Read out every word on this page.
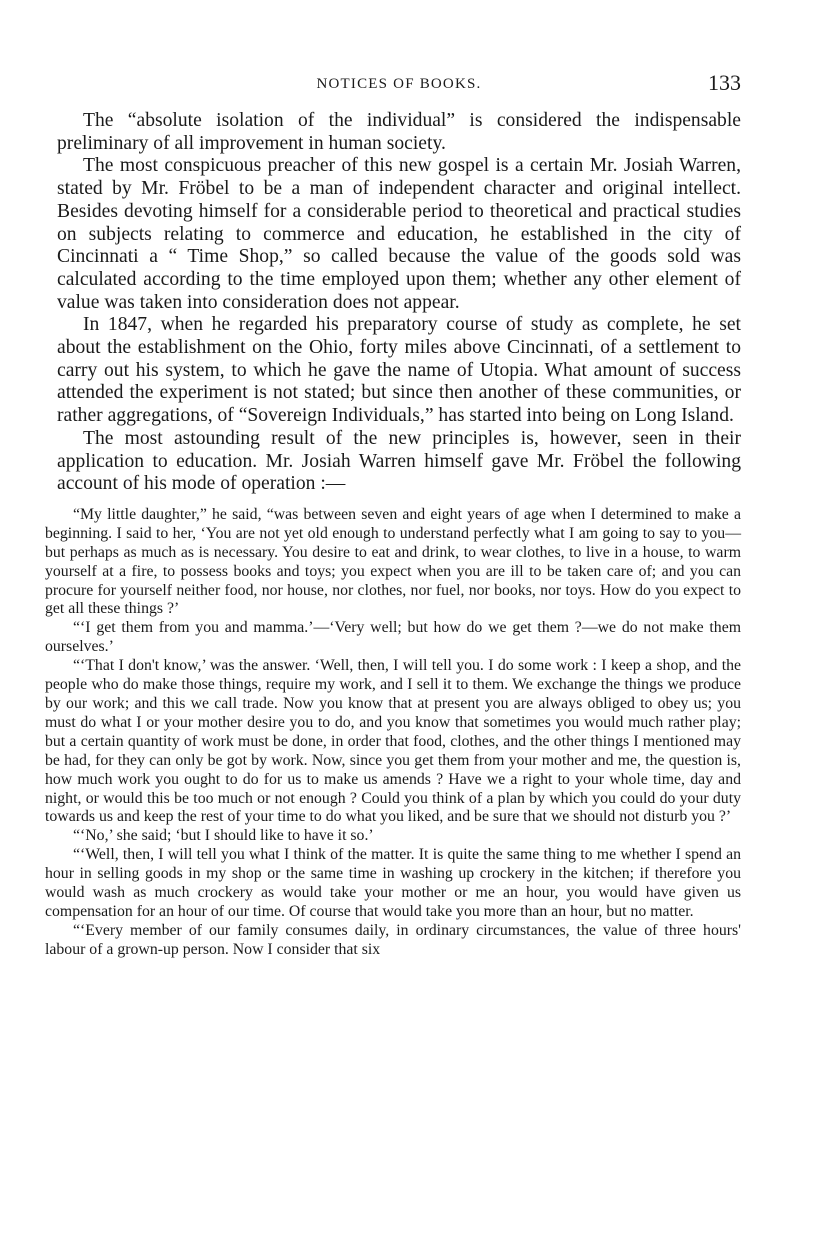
NOTICES OF BOOKS.	133

The “absolute isolation of the individual” is considered the indispensable preliminary of all improvement in human society.

The most conspicuous preacher of this new gospel is a certain Mr. Josiah Warren, stated by Mr. Fröbel to be a man of independent character and original intellect. Besides devoting himself for a considerable period to theoretical and practical studies on subjects relating to commerce and education, he established in the city of Cincinnati a “ Time Shop,” so called because the value of the goods sold was calculated according to the time employed upon them; whether any other element of value was taken into consideration does not appear.

In 1847, when he regarded his preparatory course of study as complete, he set about the establishment on the Ohio, forty miles above Cincinnati, of a settlement to carry out his system, to which he gave the name of Utopia. What amount of success attended the experiment is not stated; but since then another of these communities, or rather aggregations, of “Sovereign Individuals,” has started into being on Long Island.

The most astounding result of the new principles is, however, seen in their application to education. Mr. Josiah Warren himself gave Mr. Fröbel the following account of his mode of operation :—

“My little daughter,” he said, “was between seven and eight years of age when I determined to make a beginning. I said to her, ‘You are not yet old enough to understand perfectly what I am going to say to you—but perhaps as much as is necessary. You desire to eat and drink, to wear clothes, to live in a house, to warm yourself at a fire, to possess books and toys; you expect when you are ill to be taken care of; and you can procure for yourself neither food, nor house, nor clothes, nor fuel, nor books, nor toys. How do you expect to get all these things ?’

“‘I get them from you and mamma.’—‘Very well; but how do we get them ?—we do not make them ourselves.’

“‘That I don't know,’ was the answer. ‘Well, then, I will tell you. I do some work : I keep a shop, and the people who do make those things, require my work, and I sell it to them. We exchange the things we produce by our work; and this we call trade. Now you know that at present you are always obliged to obey us; you must do what I or your mother desire you to do, and you know that sometimes you would much rather play; but a certain quantity of work must be done, in order that food, clothes, and the other things I mentioned may be had, for they can only be got by work. Now, since you get them from your mother and me, the question is, how much work you ought to do for us to make us amends ? Have we a right to your whole time, day and night, or would this be too much or not enough ? Could you think of a plan by which you could do your duty towards us and keep the rest of your time to do what you liked, and be sure that we should not disturb you ?’

“‘No,’ she said; ‘but I should like to have it so.’

“‘Well, then, I will tell you what I think of the matter. It is quite the same thing to me whether I spend an hour in selling goods in my shop or the same time in washing up crockery in the kitchen; if therefore you would wash as much crockery as would take your mother or me an hour, you would have given us compensation for an hour of our time. Of course that would take you more than an hour, but no matter.

“‘Every member of our family consumes daily, in ordinary circumstances, the value of three hours' labour of a grown-up person. Now I consider that six
